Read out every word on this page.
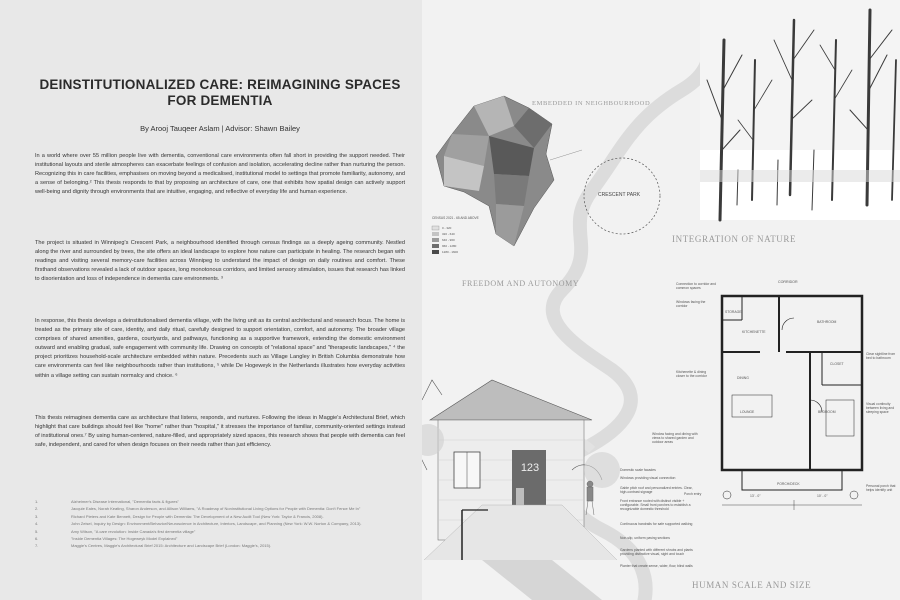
DEINSTITUTIONALIZED CARE: REIMAGINING SPACES FOR DEMENTIA
By Arooj Tauqeer Aslam | Advisor: Shawn Bailey

In a world where over 55 million people live with dementia, conventional care environments often fall short in providing the support needed. Their institutional layouts and sterile atmospheres can exacerbate feelings of confusion and isolation, accelerating decline rather than nurturing the person. Recognizing this in care facilities, emphasises on moving beyond a medicalised, institutional model to settings that promote familiarity, autonomy, and a sense of belonging.² This thesis responds to that by proposing an architecture of care, one that exhibits how spatial design can actively support well-being and dignity through environments that are intuitive, engaging, and reflective of everyday life and human experience.

The project is situated in Winnipeg's Crescent Park, a neighbourhood identified through census findings as a deeply ageing community. Nestled along the river and surrounded by trees, the site offers an ideal landscape to explore how nature can participate in healing. The research began with readings and visiting several memory-care facilities across Winnipeg to understand the impact of design on daily routines and comfort. These firsthand observations revealed a lack of outdoor spaces, long monotonous corridors, and limited sensory stimulation, issues that research has linked to disorientation and loss of independence in dementia care environments. ³

In response, this thesis develops a deinstitutionalised dementia village, with the living unit as its central architectural and research focus. The home is treated as the primary site of care, identity, and daily ritual, carefully designed to support orientation, comfort, and autonomy. The broader village comprises of shared amenities, gardens, courtyards, and pathways, functioning as a supportive framework, extending the domestic environment outward and enabling gradual, safe engagement with community life. Drawing on concepts of "relational space" and "therapeutic landscapes," ⁴ the project prioritizes household-scale architecture embedded within nature. Precedents such as Village Langley in British Columbia demonstrate how care environments can feel like neighbourhoods rather than institutions, ⁵ while De Hogeweyk in the Netherlands illustrates how everyday activities within a village setting can sustain normalcy and choice. ⁶

This thesis reimagines dementia care as architecture that listens, responds, and nurtures. Following the ideas in Maggie's Architectural Brief, which highlight that care buildings should feel like "home" rather than "hospital," it stresses the importance of familiar, community-oriented settings instead of institutional ones.⁷ By using human-centered, nature-filled, and appropriately sized spaces, this research shows that people with dementia can feel safe, independent, and cared for when design focuses on their needs rather than just efficiency.

1.	Alzheimer's Disease International, "Dementia facts & figures"
2.	Jacquie Eales, Norah Keating, Sharon Anderson, and Allison Williams, "A Roadmap of Noninstitutional Living Options for People with Dementia: Don't Fence Me In"
3.	Richard Pieters and Kate Bennett, Design for People with Dementia: The Development of a New Audit Tool (New York: Taylor & Francis, 2008).
4.	John Zeisel, Inquiry by Design: Environment/Behavior/Neuroscience in Architecture, Interiors, Landscape, and Planning (New York: W.W. Norton & Company, 2013).
5.	Amy Wilson, "A care revolution: Inside Canada's first dementia village"
6.	"Inside Dementia Villages: The Hogeweyk Model Explained"
7.	Maggie's Centres, Maggie's Architectural Brief 2015: Architecture and Landscape Brief (London: Maggie's, 2015).
EMBEDDED IN NEIGHBOURHOOD
INTEGRATION OF NATURE
FREEDOM AND AUTONOMY
HUMAN SCALE AND SIZE
CRESCENT PARK
CENSUS 2021 - 65 AND ABOVE
0 - 320
320 - 640
640 - 960
960 - 1280
1280 - 1600
CORRIDOR
STORAGE
KITCHENETTE
BATHROOM
DINING
CLOSET
LOUNGE	BEDROOM
PORCH/DECK
13' - 0"	10' - 0"
Connection to corridor and common spaces
Windows facing the corridor
Kitchenette & dining closer to the corridor
Window facing and dining with views to shared garden and outdoor areas
Porch entry
Clear sightline from bed to bathroom
Visual continuity between living and sleeping space
Personal porch that helps identify unit
123	Domestic scale facades
Windows providing visual connection
Gable pitch roof and personalized entries. Clear, high-contrast signage
Front entrance rooted with distinct visible + configurable. Small front porches to establish a recognizable domestic threshold
Continuous handrails for safe supported walking
Non-slip, uniform paving sections
Gardens planted with different shrubs and plants providing distinctive visual, sight and touch
Planter that create sense, wider, flow, blind walls
